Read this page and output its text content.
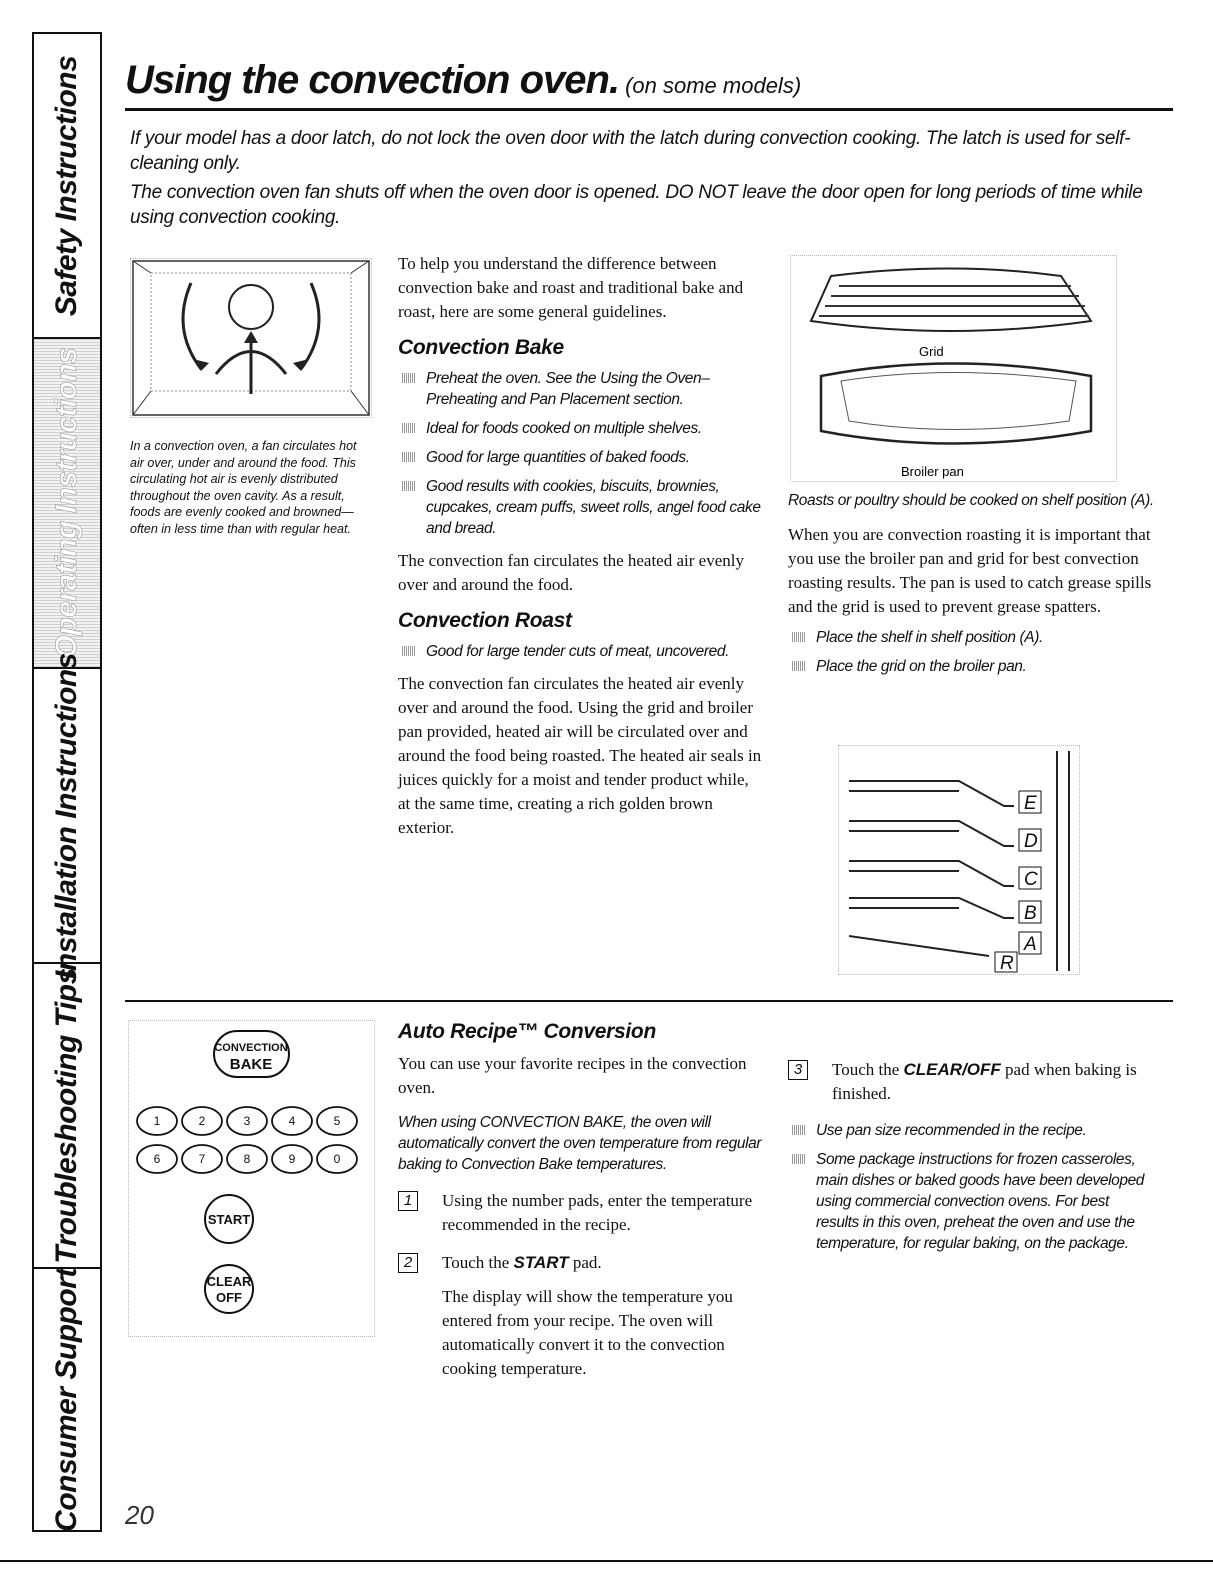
Safety Instructions
Operating Instructions
Installation Instructions
Troubleshooting Tips
Consumer Support
Using the convection oven. (on some models)
If your model has a door latch, do not lock the oven door with the latch during convection cooking. The latch is used for self-cleaning only.
The convection oven fan shuts off when the oven door is opened. DO NOT leave the door open for long periods of time while using convection cooking.
In a convection oven, a fan circulates hot air over, under and around the food. This circulating hot air is evenly distributed throughout the oven cavity. As a result, foods are evenly cooked and browned—often in less time than with regular heat.
To help you understand the difference between convection bake and roast and traditional bake and roast, here are some general guidelines.
Convection Bake
Preheat the oven. See the Using the Oven–Preheating and Pan Placement section.
Ideal for foods cooked on multiple shelves.
Good for large quantities of baked foods.
Good results with cookies, biscuits, brownies, cupcakes, cream puffs, sweet rolls, angel food cake and bread.
The convection fan circulates the heated air evenly over and around the food.
Convection Roast
Good for large tender cuts of meat, uncovered.
The convection fan circulates the heated air evenly over and around the food. Using the grid and broiler pan provided, heated air will be circulated over and around the food being roasted. The heated air seals in juices quickly for a moist and tender product while, at the same time, creating a rich golden brown exterior.
Grid
Broiler pan
Roasts or poultry should be cooked on shelf position (A).
When you are convection roasting it is important that you use the broiler pan and grid for best convection roasting results. The pan is used to catch grease spills and the grid is used to prevent grease spatters.
Place the shelf in shelf position (A).
Place the grid on the broiler pan.
E
D
C
B
A
R
CONVECTION
BAKE
1	2	3	4	5
6	7	8	9	0
START
CLEAR
OFF
Auto Recipe™ Conversion
You can use your favorite recipes in the convection oven.
When using CONVECTION BAKE, the oven will automatically convert the oven temperature from regular baking to Convection Bake temperatures.
1	Using the number pads, enter the temperature recommended in the recipe.
2	Touch the START pad.
The display will show the temperature you entered from your recipe. The oven will automatically convert it to the convection cooking temperature.
3	Touch the CLEAR/OFF pad when baking is finished.
Use pan size recommended in the recipe.
Some package instructions for frozen casseroles, main dishes or baked goods have been developed using commercial convection ovens. For best results in this oven, preheat the oven and use the temperature, for regular baking, on the package.
20
